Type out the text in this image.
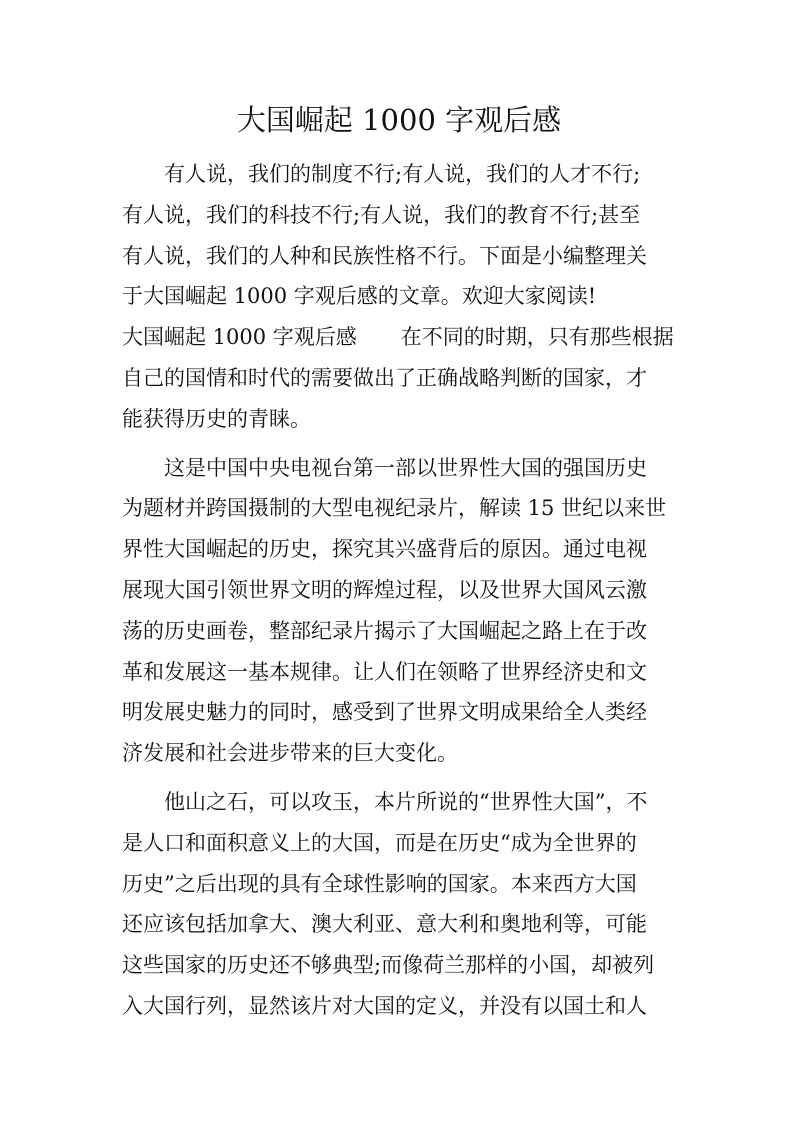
大国崛起 1000 字观后感
有人说，我们的制度不行;有人说，我们的人才不行;
有人说，我们的科技不行;有人说，我们的教育不行;甚至
有人说，我们的人种和民族性格不行。下面是小编整理关
于大国崛起 1000 字观后感的文章。欢迎大家阅读!
大国崛起 1000 字观后感 在不同的时期，只有那些根据
自己的国情和时代的需要做出了正确战略判断的国家，才
能获得历史的青睐。
这是中国中央电视台第一部以世界性大国的强国历史
为题材并跨国摄制的大型电视纪录片，解读 15 世纪以来世
界性大国崛起的历史，探究其兴盛背后的原因。通过电视
展现大国引领世界文明的辉煌过程，以及世界大国风云激
荡的历史画卷，整部纪录片揭示了大国崛起之路上在于改
革和发展这一基本规律。让人们在领略了世界经济史和文
明发展史魅力的同时，感受到了世界文明成果给全人类经
济发展和社会进步带来的巨大变化。
他山之石，可以攻玉，本片所说的“世界性大国”，不
是人口和面积意义上的大国，而是在历史“成为全世界的
历史”之后出现的具有全球性影响的国家。本来西方大国
还应该包括加拿大、澳大利亚、意大利和奥地利等，可能
这些国家的历史还不够典型;而像荷兰那样的小国，却被列
入大国行列，显然该片对大国的定义，并没有以国土和人
